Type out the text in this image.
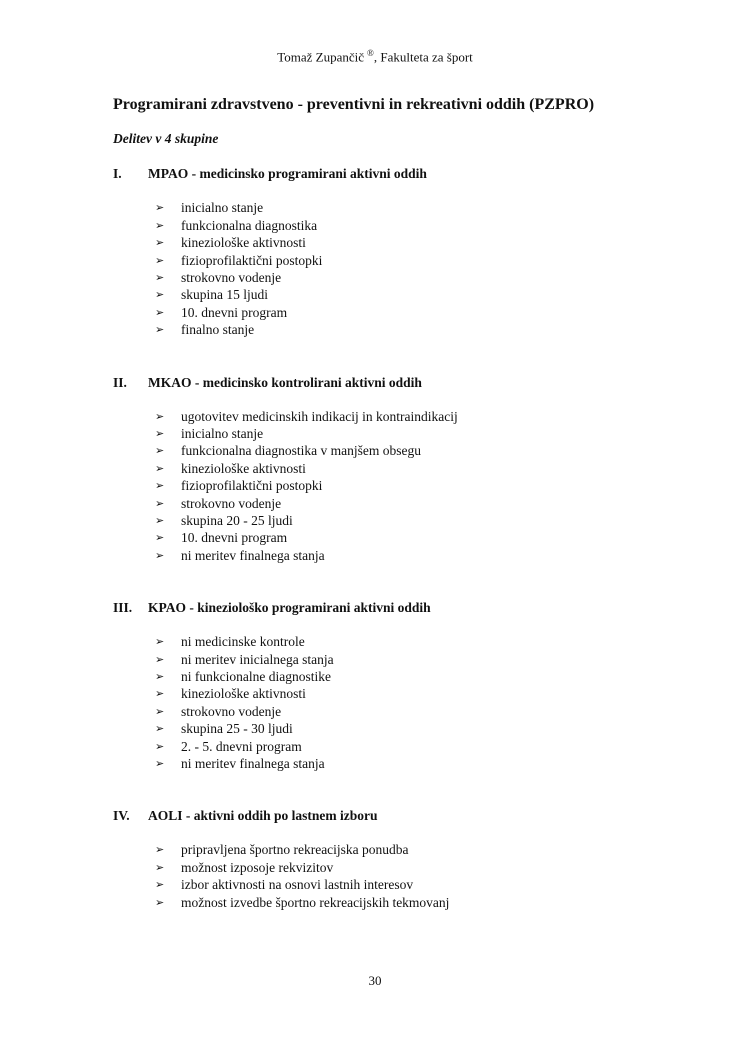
Tomaž Zupančič ®, Fakulteta za šport
Programirani zdravstveno - preventivni in rekreativni oddih (PZPRO)
Delitev v 4 skupine
I.	MPAO - medicinsko programirani aktivni oddih
➢	inicialno stanje
➢	funkcionalna diagnostika
➢	kineziološke aktivnosti
➢	fizioprofilaktični postopki
➢	strokovno vodenje
➢	skupina 15 ljudi
➢	10. dnevni program
➢	finalno stanje
II.	MKAO - medicinsko kontrolirani aktivni oddih
➢	ugotovitev medicinskih indikacij in kontraindikacij
➢	inicialno stanje
➢	funkcionalna diagnostika v manjšem obsegu
➢	kineziološke aktivnosti
➢	fizioprofilaktični postopki
➢	strokovno vodenje
➢	skupina 20 - 25 ljudi
➢	10. dnevni program
➢	ni meritev finalnega stanja
III.	KPAO - kineziološko programirani aktivni oddih
➢	ni medicinske kontrole
➢	ni meritev inicialnega stanja
➢	ni funkcionalne diagnostike
➢	kineziološke aktivnosti
➢	strokovno vodenje
➢	skupina 25 - 30 ljudi
➢	2. - 5. dnevni program
➢	ni meritev finalnega stanja
IV.	AOLI - aktivni oddih po lastnem izboru
➢	pripravljena športno rekreacijska ponudba
➢	možnost izposoje rekvizitov
➢	izbor aktivnosti na osnovi lastnih interesov
➢	možnost izvedbe športno rekreacijskih tekmovanj
30
